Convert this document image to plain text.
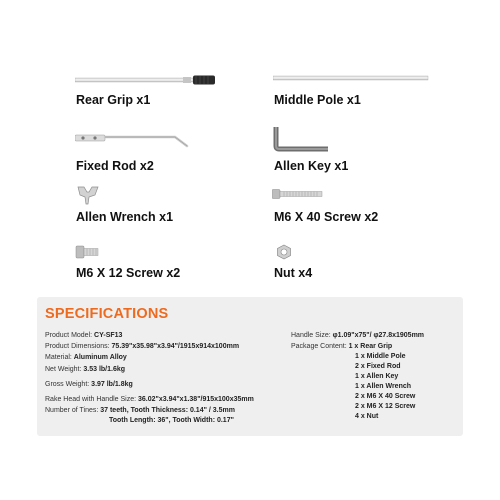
Rear Grip x1	Middle Pole x1
Fixed Rod x2	Allen Key x1
Allen Wrench x1	M6 X 40 Screw x2
M6 X 12 Screw x2	Nut x4
SPECIFICATIONS
Product Model: CY-SF13
Product Dimensions: 75.39"x35.98"x3.94"/1915x914x100mm
Material: Aluminum Alloy
Net Weight: 3.53 lb/1.6kg
Gross Weight: 3.97 lb/1.8kg
Rake Head with Handle Size: 36.02"x3.94"x1.38"/915x100x35mm
Number of Tines: 37 teeth, Tooth Thickness: 0.14" / 3.5mm
Tooth Length: 36", Tooth Width: 0.17"
Handle Size: φ1.09"x75"/ φ27.8x1905mm
Package Content: 1 x Rear Grip
1 x Middle Pole
2 x Fixed Rod
1 x Allen Key
1 x Allen Wrench
2 x M6 X 40 Screw
2 x M6 X 12 Screw
4 x Nut
